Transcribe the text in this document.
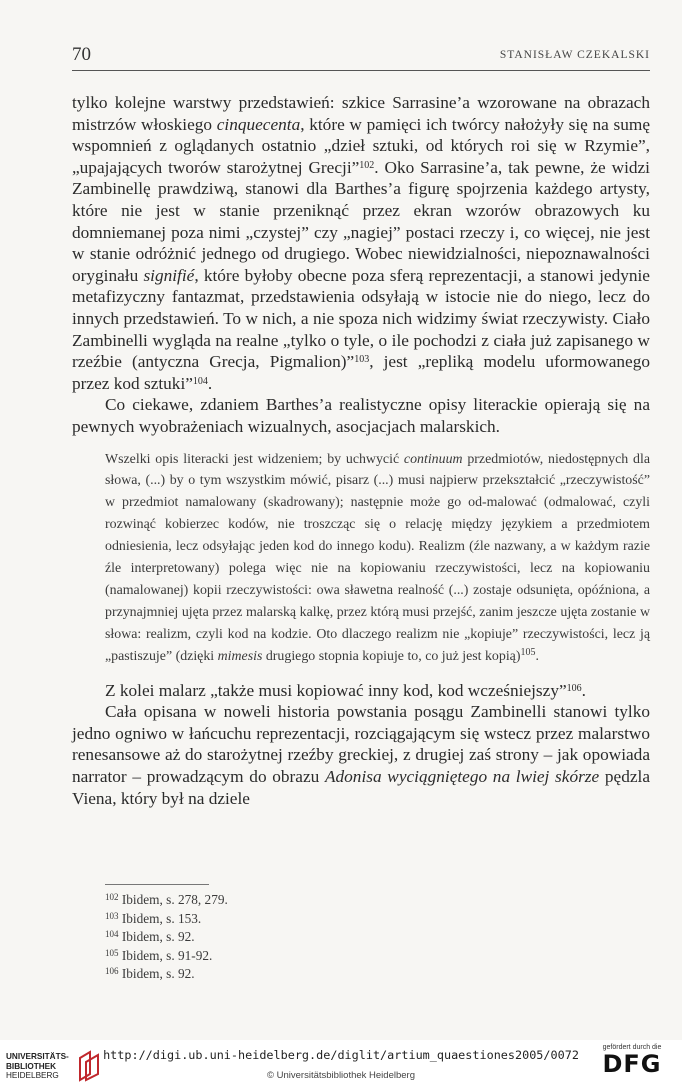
70	STANISŁAW CZEKALSKI

tylko kolejne warstwy przedstawień: szkice Sarrasine’a wzorowane na obrazach mistrzów włoskiego cinquecenta, które w pamięci ich twórcy nałożyły się na sumę wspomnień z oglądanych ostatnio „dzieł sztuki, od których roi się w Rzymie”, „upajających tworów starożytnej Grecji”$^{102}$. Oko Sarrasine’a, tak pewne, że widzi Zambinellę prawdziwą, stanowi dla Barthes’a figurę spojrzenia każdego artysty, które nie jest w stanie przeniknąć przez ekran wzorów obrazowych ku domniemanej poza nimi „czystej” czy „nagiej” postaci rzeczy i, co więcej, nie jest w stanie odróżnić jednego od drugiego. Wobec niewidzialności, niepoznawalności oryginału signifié, które byłoby obecne poza sferą reprezentacji, a stanowi jedynie metafizyczny fantazmat, przedstawienia odsyłają w istocie nie do niego, lecz do innych przedstawień. To w nich, a nie spoza nich widzimy świat rzeczywisty. Ciało Zambinelli wygląda na realne „tylko o tyle, o ile pochodzi z ciała już zapisanego w rzeźbie (antyczna Grecja, Pigmalion)”$^{103}$, jest „repliką modelu uformowanego przez kod sztuki”$^{104}$.

Co ciekawe, zdaniem Barthes’a realistyczne opisy literackie opierają się na pewnych wyobrażeniach wizualnych, asocjacjach malarskich.

Wszelki opis literacki jest widzeniem; by uchwycić continuum przedmiotów, niedostępnych dla słowa, (...) by o tym wszystkim mówić, pisarz (...) musi najpierw przekształcić „rzeczywistość” w przedmiot namalowany (skadrowany); następnie może go od-malować (odmalować, czyli rozwinąć kobierzec kodów, nie troszcząc się o relację między językiem a przedmiotem odniesienia, lecz odsyłając jeden kod do innego kodu). Realizm (źle nazwany, a w każdym razie źle interpretowany) polega więc nie na kopiowaniu rzeczywistości, lecz na kopiowaniu (namalowanej) kopii rzeczywistości: owa sławetna realność (...) zostaje odsunięta, opóźniona, a przynajmniej ujęta przez malarską kalkę, przez którą musi przejść, zanim jeszcze ujęta zostanie w słowa: realizm, czyli kod na kodzie. Oto dlaczego realizm nie „kopiuje” rzeczywistości, lecz ją „pastiszuje” (dzięki mimesis drugiego stopnia kopiuje to, co już jest kopią)$^{105}$.

Z kolei malarz „także musi kopiować inny kod, kod wcześniejszy”$^{106}$.

Cała opisana w noweli historia powstania posągu Zambinelli stanowi tylko jedno ogniwo w łańcuchu reprezentacji, rozciągającym się wstecz przez malarstwo renesansowe aż do starożytnej rzeźby greckiej, z drugiej zaś strony – jak opowiada narrator – prowadzącym do obrazu Adonisa wyciągniętego na lwiej skórze pędzla Viena, który był na dziele

$^{102}$ Ibidem, s. 278, 279.
$^{103}$ Ibidem, s. 153.
$^{104}$ Ibidem, s. 92.
$^{105}$ Ibidem, s. 91-92.
$^{106}$ Ibidem, s. 92.
UNIVERSITÄTS-
BIBLIOTHEK
HEIDELBERG
http://digi.ub.uni-heidelberg.de/diglit/artium_quaestiones2005/0072
© Universitätsbibliothek Heidelberg
gefördert durch die
DFG
